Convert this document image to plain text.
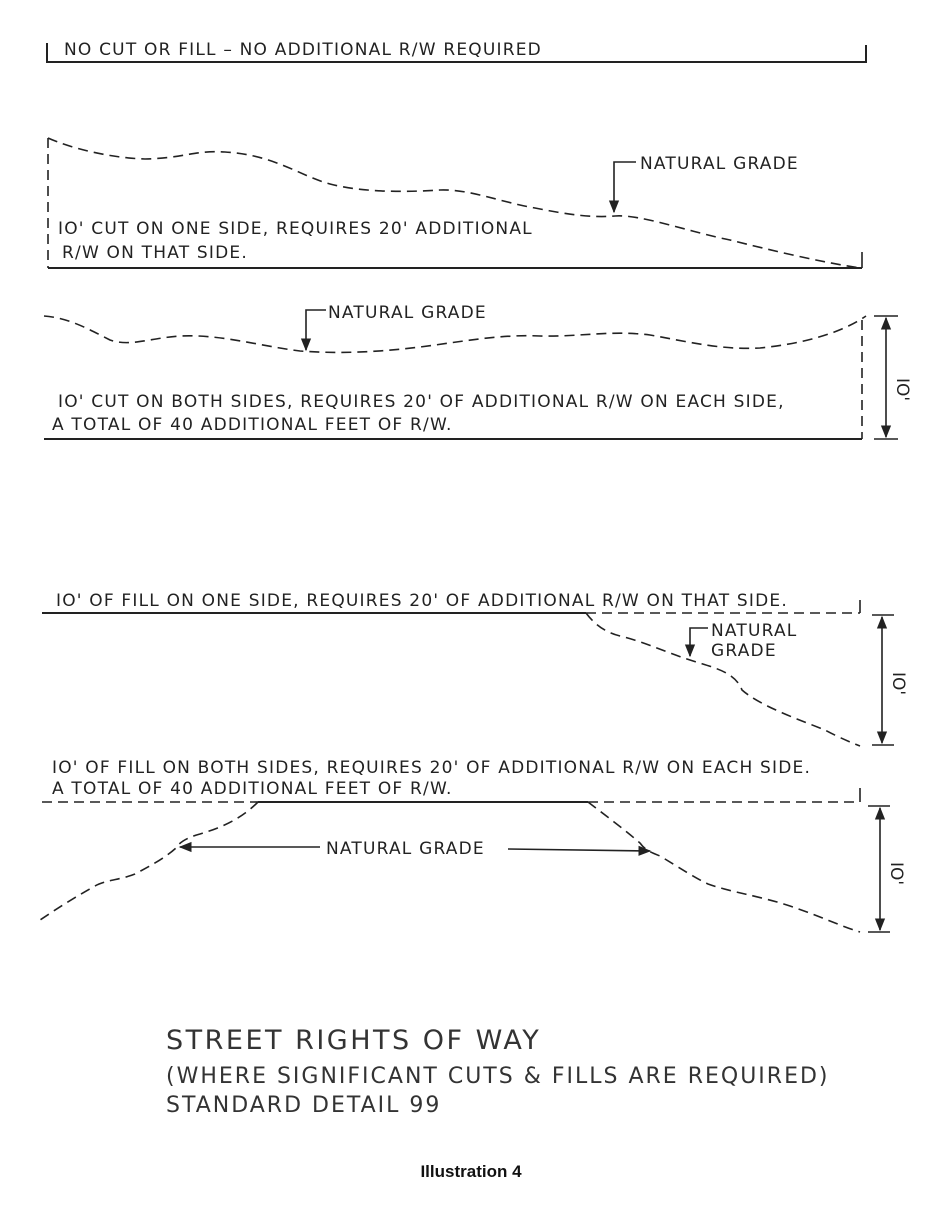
NO CUT OR FILL – NO ADDITIONAL R/W REQUIRED
NATURAL GRADE
IO' CUT ON ONE SIDE, REQUIRES 20' ADDITIONAL
R/W ON THAT SIDE.
NATURAL GRADE
IO' CUT ON BOTH SIDES, REQUIRES 20' OF ADDITIONAL R/W ON EACH SIDE,
A TOTAL OF 40 ADDITIONAL FEET OF R/W.
IO'
IO' OF FILL ON ONE SIDE, REQUIRES 20' OF ADDITIONAL R/W ON THAT SIDE.
NATURAL
GRADE
IO'
IO' OF FILL ON BOTH SIDES, REQUIRES 20' OF ADDITIONAL R/W ON EACH SIDE.
A TOTAL OF 40 ADDITIONAL FEET OF R/W.
NATURAL GRADE
IO'
STREET RIGHTS OF WAY
(WHERE SIGNIFICANT CUTS & FILLS ARE REQUIRED)
STANDARD DETAIL 99
Illustration 4
